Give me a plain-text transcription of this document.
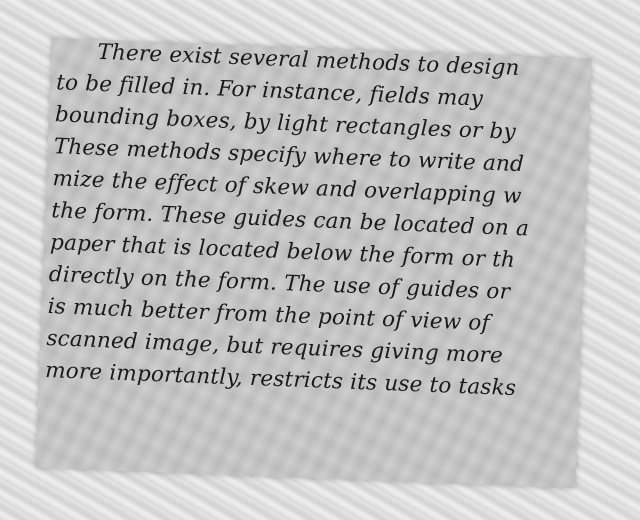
There exist several methods to design
to be filled in. For instance, fields may
bounding boxes, by light rectangles or by
These methods specify where to write and
mize the effect of skew and overlapping w
the form. These guides can be located on a
paper that is located below the form or th
directly on the form. The use of guides or
is much better from the point of view of
scanned image, but requires giving more
more importantly, restricts its use to tasks
